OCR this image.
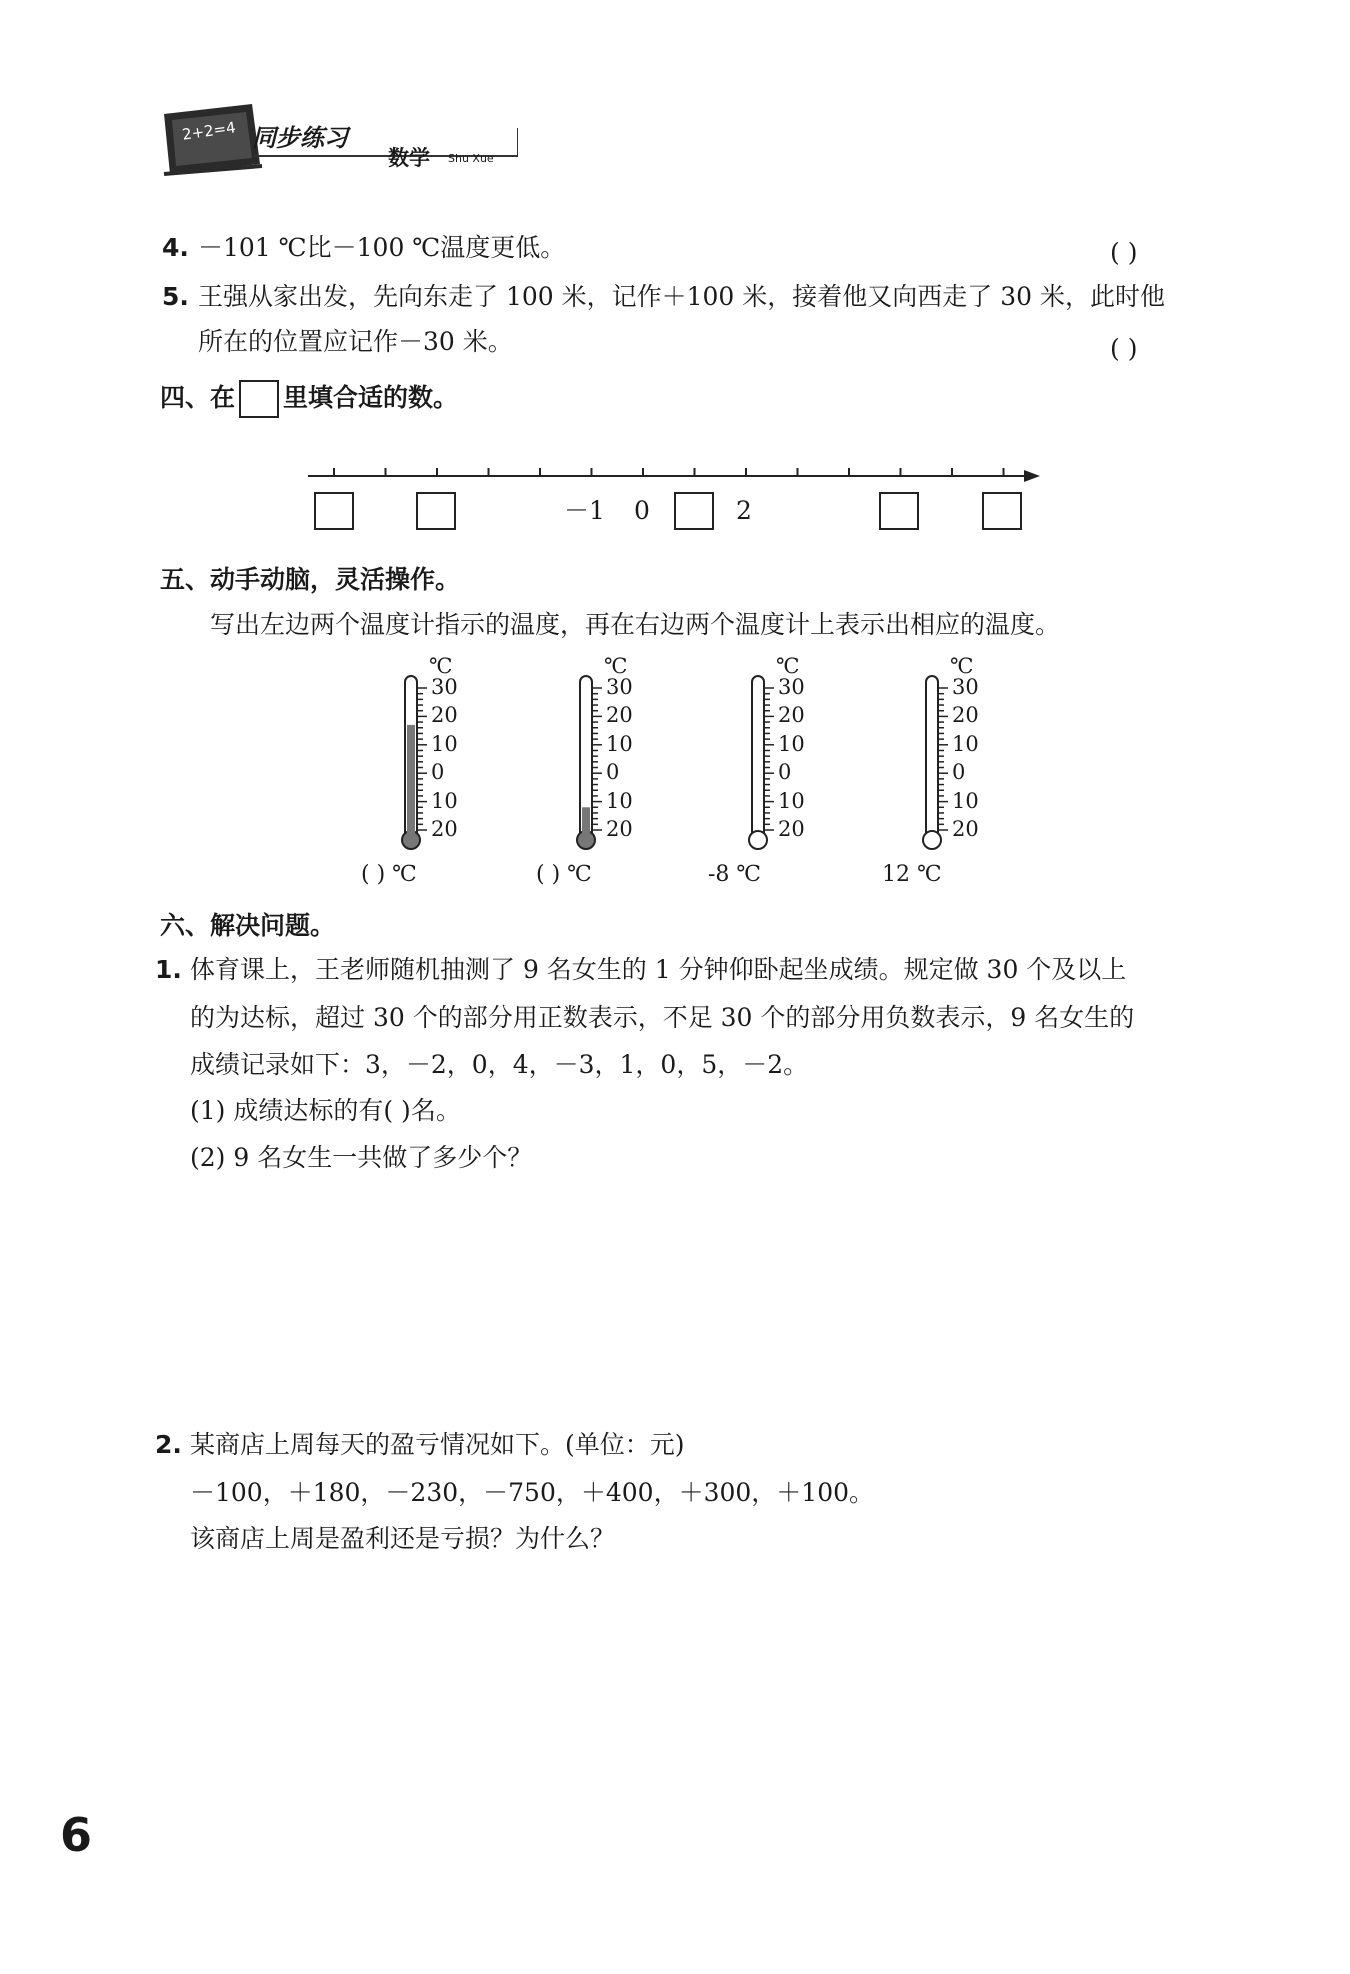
2+2=4 同步练习
数学 Shu Xue
4. －101 ℃比－100 ℃温度更低。	( )
5. 王强从家出发，先向东走了 100 米，记作＋100 米，接着他又向西走了 30 米，此时他
所在的位置应记作－30 米。	( )
四、在 里填合适的数。
－1 0	2
五、动手动脑，灵活操作。
写出左边两个温度计指示的温度，再在右边两个温度计上表示出相应的温度。
℃
30
20
10
0
10
20
( ) ℃
℃
30
20
10
0
10
20
( ) ℃
℃
30
20
10
0
10
20
-8 ℃
℃
30
20
10
0
10
20
12 ℃
六、解决问题。
1. 体育课上，王老师随机抽测了 9 名女生的 1 分钟仰卧起坐成绩。规定做 30 个及以上
的为达标，超过 30 个的部分用正数表示，不足 30 个的部分用负数表示，9 名女生的
成绩记录如下：3，－2，0，4，－3，1，0，5，－2。
(1) 成绩达标的有( )名。
(2) 9 名女生一共做了多少个？
2. 某商店上周每天的盈亏情况如下。(单位：元)
－100，＋180，－230，－750，＋400，＋300，＋100。
该商店上周是盈利还是亏损？为什么？
6
